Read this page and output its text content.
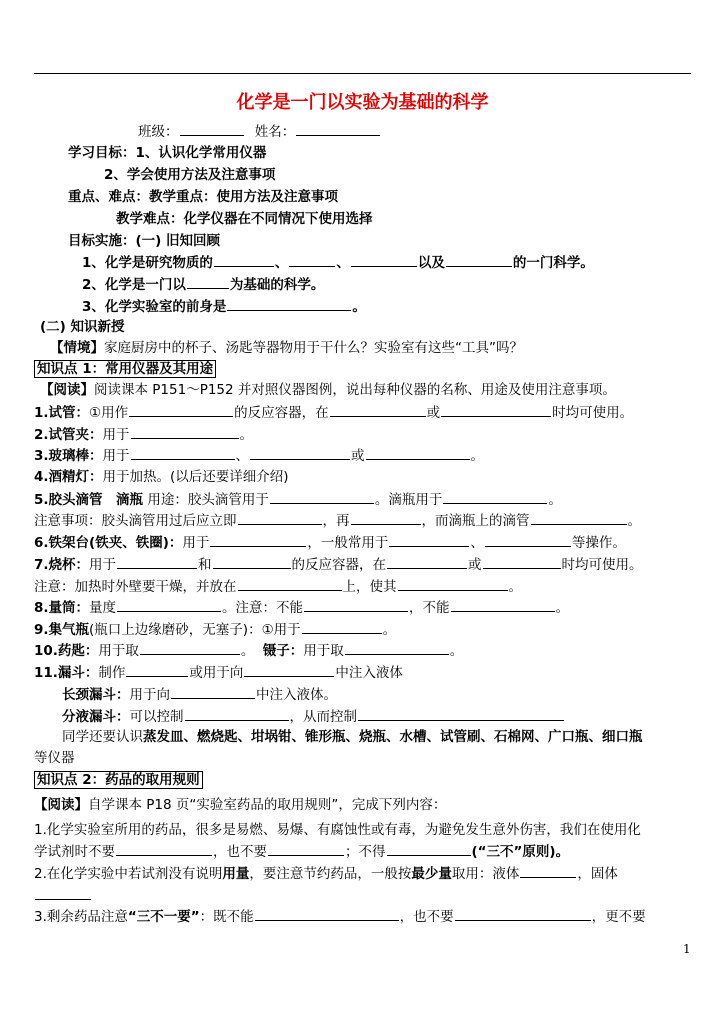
化学是一门以实验为基础的科学
班级：	姓名：
学习目标：1、认识化学常用仪器
2、学会使用方法及注意事项
重点、难点：教学重点：使用方法及注意事项
教学难点：化学仪器在不同情况下使用选择
目标实施：(一) 旧知回顾
1、化学是研究物质的	、	、	以及	的一门科学。
2、化学是一门以	为基础的科学。
3、化学实验室的前身是	。
(二) 知识新授
【情境】家庭厨房中的杯子、汤匙等器物用于干什么？实验室有这些“工具”吗？
知识点 1：常用仪器及其用途
【阅读】阅读课本 P151～P152 并对照仪器图例，说出每种仪器的名称、用途及使用注意事项。
1.试管：①用作	的反应容器，在	或	时均可使用。
2.试管夹：用于	。
3.玻璃棒：用于	、	或	。
4.酒精灯：用于加热。(以后还要详细介绍)
5.胶头滴管　滴瓶 用途：胶头滴管用于	。滴瓶用于	。
注意事项：胶头滴管用过后应立即	，再	，而滴瓶上的滴管	。
6.铁架台(铁夹、铁圈)：用于	，一般常用于	、	等操作。
7.烧杯：用于	和	的反应容器，在	或	时均可使用。
注意：加热时外壁要干燥，并放在	上，使其	。
8.量筒：量度	。注意：不能	，不能	。
9.集气瓶(瓶口上边缘磨砂，无塞子)：①用于	。
10.药匙：用于取	。 镊子：用于取	。
11.漏斗：制作	或用于向	中注入液体
长颈漏斗：用于向	中注入液体。
分液漏斗：可以控制	，从而控制
同学还要认识蒸发皿、燃烧匙、坩埚钳、锥形瓶、烧瓶、水槽、试管刷、石棉网、广口瓶、细口瓶
等仪器
知识点 2：药品的取用规则
【阅读】自学课本 P18 页“实验室药品的取用规则”，完成下列内容：
1.化学实验室所用的药品，很多是易燃、易爆、有腐蚀性或有毒，为避免发生意外伤害，我们在使用化
学试剂时不要	，也不要	；不得	(“三不”原则)。
2.在化学实验中若试剂没有说明用量，要注意节约药品，一般按最少量取用：液体	，固体
3.剩余药品注意“三不一要”：既不能	，也不要	，更不要
1
